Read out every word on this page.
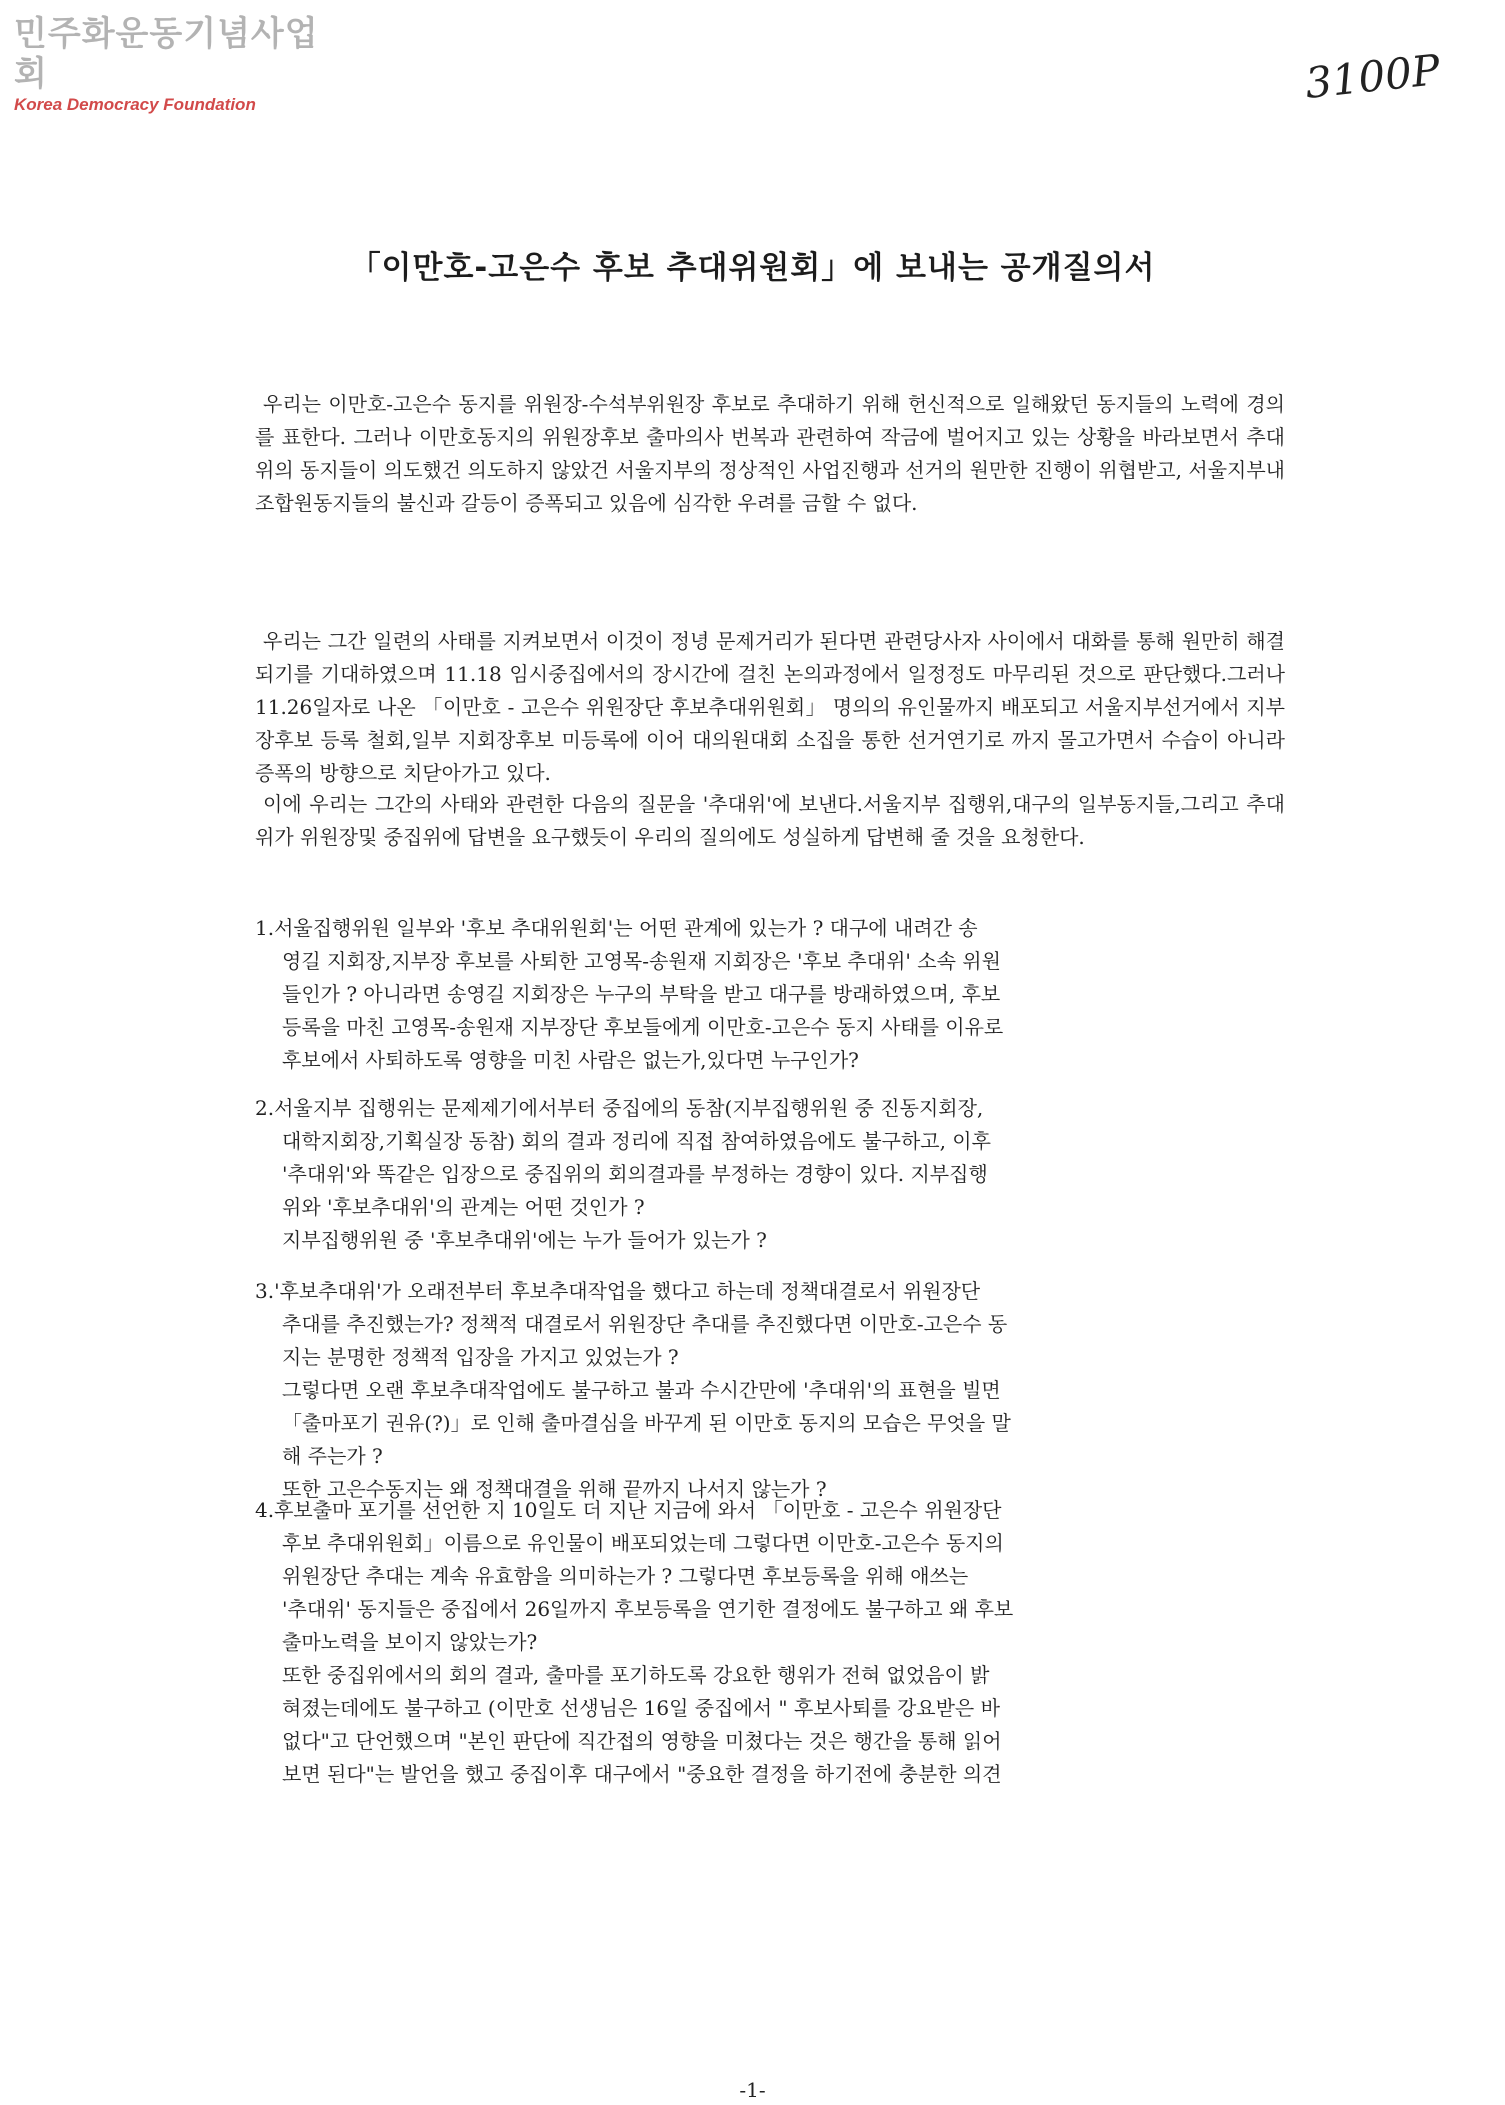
민주화운동기념사업회
Korea Democracy Foundation	3100P
「이만호-고은수 후보 추대위원회」에 보내는 공개질의서

우리는 이만호-고은수 동지를 위원장-수석부위원장 후보로 추대하기 위해 헌신적으로 일해왔던 동지들의 노력에 경의를 표한다. 그러나 이만호동지의 위원장후보 출마의사 번복과 관련하여 작금에 벌어지고 있는 상황을 바라보면서 추대위의 동지들이 의도했건 의도하지 않았건 서울지부의 정상적인 사업진행과 선거의 원만한 진행이 위협받고, 서울지부내 조합원동지들의 불신과 갈등이 증폭되고 있음에 심각한 우려를 금할 수 없다.

우리는 그간 일련의 사태를 지켜보면서 이것이 정녕 문제거리가 된다면 관련당사자 사이에서 대화를 통해 원만히 해결되기를 기대하였으며 11.18 임시중집에서의 장시간에 걸친 논의과정에서 일정정도 마무리된 것으로 판단했다.그러나 11.26일자로 나온 「이만호 - 고은수 위원장단 후보추대위원회」 명의의 유인물까지 배포되고 서울지부선거에서 지부장후보 등록 철회,일부 지회장후보 미등록에 이어 대의원대회 소집을 통한 선거연기로 까지 몰고가면서 수습이 아니라 증폭의 방향으로 치닫아가고 있다.

이에 우리는 그간의 사태와 관련한 다음의 질문을 '추대위'에 보낸다.서울지부 집행위,대구의 일부동지들,그리고 추대위가 위원장및 중집위에 답변을 요구했듯이 우리의 질의에도 성실하게 답변해 줄 것을 요청한다.

1.서울집행위원 일부와 '후보 추대위원회'는 어떤 관계에 있는가 ? 대구에 내려간 송

영길 지회장,지부장 후보를 사퇴한 고영목-송원재 지회장은 '후보 추대위' 소속 위원

들인가 ? 아니라면 송영길 지회장은 누구의 부탁을 받고 대구를 방래하였으며, 후보

등록을 마친 고영목-송원재 지부장단 후보들에게 이만호-고은수 동지 사태를 이유로

후보에서 사퇴하도록 영향을 미친 사람은 없는가,있다면 누구인가?

2.서울지부 집행위는 문제제기에서부터 중집에의 동참(지부집행위원 중 진동지회장,

대학지회장,기획실장 동참) 회의 결과 정리에 직접 참여하였음에도 불구하고, 이후

'추대위'와 똑같은 입장으로 중집위의 회의결과를 부정하는 경향이 있다. 지부집행

위와 '후보추대위'의 관계는 어떤 것인가 ?

지부집행위원 중 '후보추대위'에는 누가 들어가 있는가 ?

3.'후보추대위'가 오래전부터 후보추대작업을 했다고 하는데 정책대결로서 위원장단

추대를 추진했는가? 정책적 대결로서 위원장단 추대를 추진했다면 이만호-고은수 동

지는 분명한 정책적 입장을 가지고 있었는가 ?

그렇다면 오랜 후보추대작업에도 불구하고 불과 수시간만에 '추대위'의 표현을 빌면

「출마포기 권유(?)」로 인해 출마결심을 바꾸게 된 이만호 동지의 모습은 무엇을 말

해 주는가 ?

또한 고은수동지는 왜 정책대결을 위해 끝까지 나서지 않는가 ?

4.후보출마 포기를 선언한 지 10일도 더 지난 지금에 와서 「이만호 - 고은수 위원장단

후보 추대위원회」이름으로 유인물이 배포되었는데 그렇다면 이만호-고은수 동지의

위원장단 추대는 계속 유효함을 의미하는가 ? 그렇다면 후보등록을 위해 애쓰는

'추대위' 동지들은 중집에서 26일까지 후보등록을 연기한 결정에도 불구하고 왜 후보

출마노력을 보이지 않았는가?

또한 중집위에서의 회의 결과, 출마를 포기하도록 강요한 행위가 전혀 없었음이 밝

혀졌는데에도 불구하고 (이만호 선생님은 16일 중집에서 " 후보사퇴를 강요받은 바

없다"고 단언했으며 "본인 판단에 직간접의 영향을 미쳤다는 것은 행간을 통해 읽어

보면 된다"는 발언을 했고 중집이후 대구에서 "중요한 결정을 하기전에 충분한 의견

-1-
